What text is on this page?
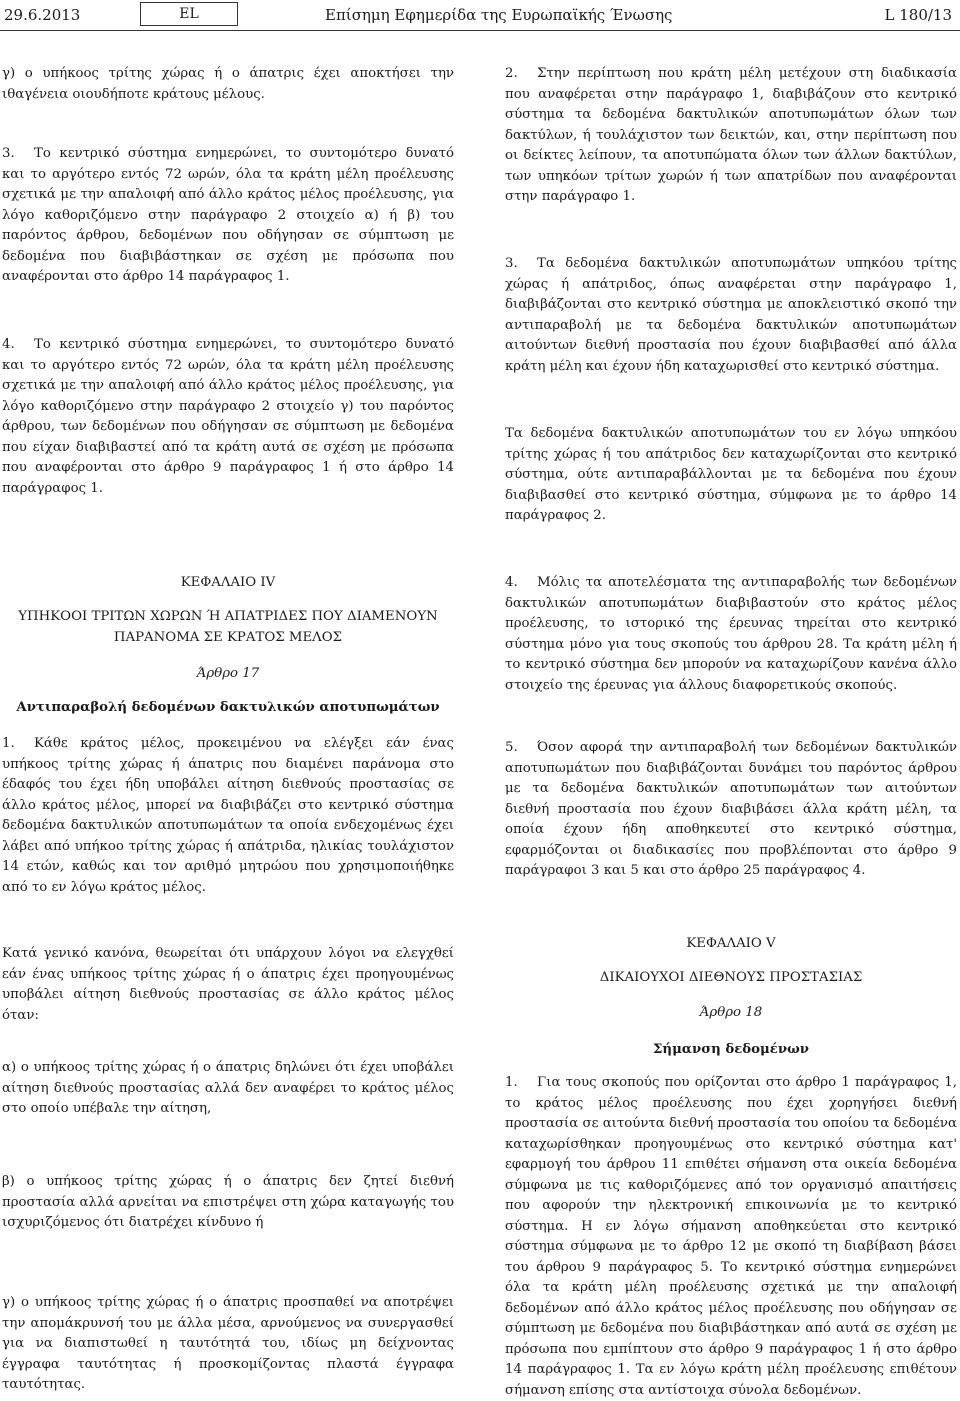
29.6.2013	EL	Επίσημη Εφημερίδα της Ευρωπαϊκής Ένωσης	L 180/13

γ) ο υπήκοος τρίτης χώρας ή ο άπατρις έχει αποκτήσει την ιθαγένεια οιουδήποτε κράτους μέλους.

3. Το κεντρικό σύστημα ενημερώνει, το συντομότερο δυνατό και το αργότερο εντός 72 ωρών, όλα τα κράτη μέλη προέλευσης σχετικά με την απαλοιφή από άλλο κράτος μέλος προέλευσης, για λόγο καθοριζόμενο στην παράγραφο 2 στοιχείο α) ή β) του παρόντος άρθρου, δεδομένων που οδήγησαν σε σύμπτωση με δεδομένα που διαβιβάστηκαν σε σχέση με πρόσωπα που αναφέρονται στο άρθρο 14 παράγραφος 1.

4. Το κεντρικό σύστημα ενημερώνει, το συντομότερο δυνατό και το αργότερο εντός 72 ωρών, όλα τα κράτη μέλη προέλευσης σχετικά με την απαλοιφή από άλλο κράτος μέλος προέλευσης, για λόγο καθοριζόμενο στην παράγραφο 2 στοιχείο γ) του παρόντος άρθρου, των δεδομένων που οδήγησαν σε σύμπτωση με δεδομένα που είχαν διαβιβαστεί από τα κράτη αυτά σε σχέση με πρόσωπα που αναφέρονται στο άρθρο 9 παράγραφος 1 ή στο άρθρο 14 παράγραφος 1.

ΚΕΦΑΛΑΙΟ IV

ΥΠΗΚΟΟΙ ΤΡΙΤΩΝ ΧΩΡΩΝ Ή ΑΠΑΤΡΙΔΕΣ ΠΟΥ ΔΙΑΜΕΝΟΥΝ ΠΑΡΑΝΟΜΑ ΣΕ ΚΡΑΤΟΣ ΜΕΛΟΣ

Άρθρο 17

Αντιπαραβολή δεδομένων δακτυλικών αποτυπωμάτων

1. Κάθε κράτος μέλος, προκειμένου να ελέγξει εάν ένας υπήκοος τρίτης χώρας ή άπατρις που διαμένει παράνομα στο έδαφός του έχει ήδη υποβάλει αίτηση διεθνούς προστασίας σε άλλο κράτος μέλος, μπορεί να διαβιβάζει στο κεντρικό σύστημα δεδομένα δακτυλικών αποτυπωμάτων τα οποία ενδεχομένως έχει λάβει από υπήκοο τρίτης χώρας ή απάτριδα, ηλικίας τουλάχιστον 14 ετών, καθώς και τον αριθμό μητρώου που χρησιμοποιήθηκε από το εν λόγω κράτος μέλος.

Κατά γενικό κανόνα, θεωρείται ότι υπάρχουν λόγοι να ελεγχθεί εάν ένας υπήκοος τρίτης χώρας ή ο άπατρις έχει προηγουμένως υποβάλει αίτηση διεθνούς προστασίας σε άλλο κράτος μέλος όταν:

α) ο υπήκοος τρίτης χώρας ή ο άπατρις δηλώνει ότι έχει υποβάλει αίτηση διεθνούς προστασίας αλλά δεν αναφέρει το κράτος μέλος στο οποίο υπέβαλε την αίτηση,

β) ο υπήκοος τρίτης χώρας ή ο άπατρις δεν ζητεί διεθνή προστασία αλλά αρνείται να επιστρέψει στη χώρα καταγωγής του ισχυριζόμενος ότι διατρέχει κίνδυνο ή

γ) ο υπήκοος τρίτης χώρας ή ο άπατρις προσπαθεί να αποτρέψει την απομάκρυνσή του με άλλα μέσα, αρνούμενος να συνεργασθεί για να διαπιστωθεί η ταυτότητά του, ιδίως μη δείχνοντας έγγραφα ταυτότητας ή προσκομίζοντας πλαστά έγγραφα ταυτότητας.

2. Στην περίπτωση που κράτη μέλη μετέχουν στη διαδικασία που αναφέρεται στην παράγραφο 1, διαβιβάζουν στο κεντρικό σύστημα τα δεδομένα δακτυλικών αποτυπωμάτων όλων των δακτύλων, ή τουλάχιστον των δεικτών, και, στην περίπτωση που οι δείκτες λείπουν, τα αποτυπώματα όλων των άλλων δακτύλων, των υπηκόων τρίτων χωρών ή των απατρίδων που αναφέρονται στην παράγραφο 1.

3. Τα δεδομένα δακτυλικών αποτυπωμάτων υπηκόου τρίτης χώρας ή απάτριδος, όπως αναφέρεται στην παράγραφο 1, διαβιβάζονται στο κεντρικό σύστημα με αποκλειστικό σκοπό την αντιπαραβολή με τα δεδομένα δακτυλικών αποτυπωμάτων αιτούντων διεθνή προστασία που έχουν διαβιβασθεί από άλλα κράτη μέλη και έχουν ήδη καταχωρισθεί στο κεντρικό σύστημα.

Τα δεδομένα δακτυλικών αποτυπωμάτων του εν λόγω υπηκόου τρίτης χώρας ή του απάτριδος δεν καταχωρίζονται στο κεντρικό σύστημα, ούτε αντιπαραβάλλονται με τα δεδομένα που έχουν διαβιβασθεί στο κεντρικό σύστημα, σύμφωνα με το άρθρο 14 παράγραφος 2.

4. Μόλις τα αποτελέσματα της αντιπαραβολής των δεδομένων δακτυλικών αποτυπωμάτων διαβιβαστούν στο κράτος μέλος προέλευσης, το ιστορικό της έρευνας τηρείται στο κεντρικό σύστημα μόνο για τους σκοπούς του άρθρου 28. Τα κράτη μέλη ή το κεντρικό σύστημα δεν μπορούν να καταχωρίζουν κανένα άλλο στοιχείο της έρευνας για άλλους διαφορετικούς σκοπούς.

5. Όσον αφορά την αντιπαραβολή των δεδομένων δακτυλικών αποτυπωμάτων που διαβιβάζονται δυνάμει του παρόντος άρθρου με τα δεδομένα δακτυλικών αποτυπωμάτων των αιτούντων διεθνή προστασία που έχουν διαβιβάσει άλλα κράτη μέλη, τα οποία έχουν ήδη αποθηκευτεί στο κεντρικό σύστημα, εφαρμόζονται οι διαδικασίες που προβλέπονται στο άρθρο 9 παράγραφοι 3 και 5 και στο άρθρο 25 παράγραφος 4.

ΚΕΦΑΛΑΙΟ V

ΔΙΚΑΙΟΥΧΟΙ ΔΙΕΘΝΟΥΣ ΠΡΟΣΤΑΣΙΑΣ

Άρθρο 18

Σήμανση δεδομένων

1. Για τους σκοπούς που ορίζονται στο άρθρο 1 παράγραφος 1, το κράτος μέλος προέλευσης που έχει χορηγήσει διεθνή προστασία σε αιτούντα διεθνή προστασία του οποίου τα δεδομένα καταχωρίσθηκαν προηγουμένως στο κεντρικό σύστημα κατ' εφαρμογή του άρθρου 11 επιθέτει σήμανση στα οικεία δεδομένα σύμφωνα με τις καθοριζόμενες από τον οργανισμό απαιτήσεις που αφορούν την ηλεκτρονική επικοινωνία με το κεντρικό σύστημα. Η εν λόγω σήμανση αποθηκεύεται στο κεντρικό σύστημα σύμφωνα με το άρθρο 12 με σκοπό τη διαβίβαση βάσει του άρθρου 9 παράγραφος 5. Το κεντρικό σύστημα ενημερώνει όλα τα κράτη μέλη προέλευσης σχετικά με την απαλοιφή δεδομένων από άλλο κράτος μέλος προέλευσης που οδήγησαν σε σύμπτωση με δεδομένα που διαβιβάστηκαν από αυτά σε σχέση με πρόσωπα που εμπίπτουν στο άρθρο 9 παράγραφος 1 ή στο άρθρο 14 παράγραφος 1. Τα εν λόγω κράτη μέλη προέλευσης επιθέτουν σήμανση επίσης στα αντίστοιχα σύνολα δεδομένων.
